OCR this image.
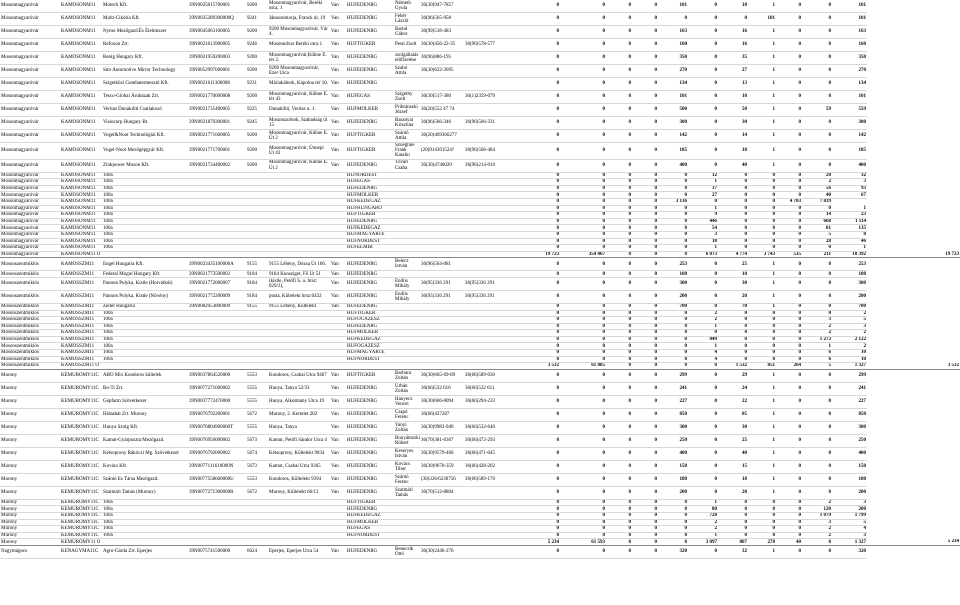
Mosonmagyaróvár	KAMOSONM11	Motech Kft.	39N0025015700001	9200	Mosonmagyaróvár, Beréki utca, 1	Van	HUFEDENRG	Németh Gyula	36(30)947-7857			0	0	0	0	101	0	10	1	0	0	101	
Mosonmagyaróvár	KAMOSONM11	Multi-Cikóría Kft.	39N0035289300000Q	9241	Jánossomorja, Franck út, 19	Van	HUFEDENRG	Fehér László	36(96)565-958			0	0	0	0	0	0	0	101	0	0	101	
Mosonmagyaróvár	KAMOSONM11	Nymo Mezőgazd.És Élelmiszer	39N0045063100005	9200	9200 Mosonmagyaróvár, Vár 4.	Van	HUFEDENRG	Bartal Gábor	36(99)518-483			0	0	0	0	163	0	16	1	0	0	163	
Mosonmagyaróvár	KAMOSONM11	Refoxon Zrt.	39N0021613900005	9246	Mosonudvar Beréki utca 1	Van	HUFTIGKER	Pesti Zsolt	36(30)456-22-35	36(96)578-577		0	0	0	0	160	0	16	1	0	0	160	
Mosonmagyaróvár	KAMOSONM11	Renig Hungary Kft.	39N0021959200003	9200	Mosonmagyaróvár,Kühne E. tér 2.	Van	HUFEDENRG	szolgáltatás előfizetése	36(96)886-195			0	0	0	0	350	0	35	1	0	0	350	
Mosonmagyaróvár	KAMOSONM11	Smr Automotive Mirror Technology	39N0052997600001	9200	9200 Mosonmagyaróvár, Ezer Utca	Van	HUFEDENRG	Szabó Attila	36(30)622-3095			0	0	0	0	270	0	27	1	0	0	270	
Mosonmagyaróvár	KAMOSONM11	Szigetközi Gombatermesztő Kft.	39N0021611300008	9231	Máriakálnok, Kápolna tér 10.	Van	HUFEDENRG					0	0	0	0	134	0	13	1	0	0	134	
Mosonmagyaróvár	KAMOSONM11	Tesco-Global Áruházak Zrt.	39N0021770600008	9200	Mosonmagyaróvár, Kühne E. tér 43	Van	HUFEGAS	Szigethy Zsolt	36(30)517-380	36(1)2359-079		0	0	0	0	101	0	10	1	0	0	101	
Mosonmagyaróvár	KAMOSONM11	Veritas Dunakiliti Csatlakozó	39N0021735400005	9225	Dunakiliti, Veritas u. 1.	Van	HUFMOLKER	Pribránszki József	36(20)552 47 74			0	0	0	0	500	0	50	1	0	59	559	
Mosonmagyaróvár	KAMOSONM11	Visiocorp Hungary Bt.	39N0021870300001	9245	Mosonszolnok, Szabadság út 15	Van	HUFEDENRG	Baranyai Krisztina	36(96)566-346	36(96)566-331		0	0	0	0	300	0	30	1	0	0	300	
Mosonmagyaróvár	KAMOSONM11	Vogel&Noot Technológiai Kft.	39N0021771600005	9200	Mosonmagyaróvár, Kühne E. Út 2	Van	HUFTIGKER	Szántó Attila	36(20)469366277			0	0	0	0	142	0	14	1	0	0	142	
Mosonmagyaróvár	KAMOSONM11	Vogel-Noot Mezőgépgyár Kft.	39N0021771700001	9200	Mosonmagyaróvár, Ünnepi Út 43	Van	HUFTIGKER	Szoeghné Frank Katalin	(20)914361524?	36(96)566-484		0	0	0	0	185	0	18	1	0	0	185	
Mosonmagyaróvár	KAMOSONM11	Zinkpower Moson Kft.	39N0021734400002	9200	Mosonmagyaróvár, Kühne E. Út 2	Van	HUFEDENRG	Tóvári Csaba	36(30)4746020	36(96)214-010		0	0	0	0	400	0	40	1	0	0	400	
Mosonmagyaróvár	KAMOSONM11	100a					HUNORDEST					0	0	0	0	0	12	0	0	0	20	32	
Mosonmagyaróvár	KAMOSONM11	100a					HUFEGAS					0	0	0	0	0	1	0	0	0	2	3	
Mosonmagyaróvár	KAMOSONM11	100a					HUFEDENRG					0	0	0	0	0	37	0	0	0	56	93	
Mosonmagyaróvár	KAMOSONM11	100a					HUFMOLKER					0	0	0	0	0	27	0	0	0	40	67	
Mosonmagyaróvár	KAMOSONM11	100a					HUFKEDEGAZ					0	0	0	0	3 136	0	0	0	4 703	7 839		
Mosonmagyaróvár	KAMOSONM11	100a					HUFHUNGARO					0	0	0	0	0	1	0	0	0	0	1	
Mosonmagyaróvár	KAMOSONM11	100a					HUFTIGKER					0	0	0	0	0	9	0	0	0	14	23	
Mosonmagyaróvár	KAMOSONM11	100a					HUFEDENRG					0	0	0	0	0	446	0	0	0	668	1 114	
Mosonmagyaróvár	KAMOSONM11	100a					HUFKEDEGAZ					0	0	0	0	0	54	0	0	0	81	135	
Mosonmagyaróvár	KAMOSONM11	100a					HUFMAGYARTE					0	0	0	0	0	3	0	0	0	5	8	
Mosonmagyaróvár	KAMOSONM11	100a					HUFNORDEST					0	0	0	0	0	18	0	0	0	28	46	
Mosonmagyaróvár	KAMOSONM11	100a					HUFELMIB					0	0	0	0	0	1	0	0	0	0	1	
Mosonmagyaróvár	KAMOSONM11 Ö											19 723	354 067	0	0	0	6 073	4 774	3 743	535	211	10 392	19 723
Mosonszentmiklós	KAMOSSZM11	Engel Hungaria Kft.	39N0023435100000A	9155	9155 Lébény, Dózsa Út 106.	Van	HUFEDENRG	Belecz István	36(96)564-081			0	0	0	0	253	0	25	1	0	0	253	
Mosonszentmiklós	KAMOSSZM11	Federal Mogul Hungary Kft.	39N0021773500002	9184	9184 Kunsziget, Fő Út 51	Van	HUFEDENRG					0	0	0	0	108	0	10	1	0	0	108	
Mosonszentmiklós	KAMOSSZM11	Pannon Pulyka, Kistle (Horvátkút)	39N0021772000007	9184	(kistle, Petőfi S. u. hrsz: 029/3),	Van	HUFEDENRG	Endiis Mihály	36(95)336 291	36(95)336 291		0	0	0	0	300	0	30	1	0	0	300	
Mosonszentmiklós	KAMOSSZM11	Pannon Pulyka, Kistle (Növény)	39N0021772200009	9184	pusta, Kültelekt hrsz:0432	Van	HUFEDENRG	Endiis Mihály	36(95)336 291	36(95)336 291		0	0	0	0	200	0	20	1	0	0	200	
Mosonszentmiklós	KAMOSSZM11	Zeller Hungária	39N0082953800009	9155	9155 Lébény, Kültelekt	Van	HUFEDENRG					0	0	0	0	700	0	70	1	0	0	700	
Mosonszentmiklós	KAMOSSZM11	100a					HUFTIGKER					0	0	0	0	0	2	0	0	0	0	2	
Mosonszentmiklós	KAMOSSZM11	100a					HUFOGAZESZ					0	0	0	0	0	2	0	0	0	3	5	
Mosonszentmiklós	KAMOSSZM11	100a					HUFEDENRG					0	0	0	0	0	1	0	0	0	2	3	
Mosonszentmiklós	KAMOSSZM11	100a					HUFMOLKER					0	0	0	0	0	0	0	0	0	2	2	
Mosonszentmiklós	KAMOSSZM11	100a					HUFKEDEGAZ					0	0	0	0	0	849	0	0	0	1 273	2 122	
Mosonszentmiklós	KAMOSSZM11	100a					HUFOGAZESZ					0	0	0	0	0	1	0	0	0	1	2	
Mosonszentmiklós	KAMOSSZM11	100a					HUFMAGYARTE					0	0	0	0	0	4	0	0	0	6	10	
Mosonszentmiklós	KAMOSSZM11	100a					HUFNORDEST					0	0	0	0	0	4	0	0	0	6	10	
Mosonszentmiklós	KAMOSSZM11 Ö											3 532	61 885	0	0	0	0	1 532	851	264	5	1 327	3 532
Murony	KEMUROMY11C	ABO Mix Kondoros kültelek	39N0037864520000	5553	Kondoros, Csabai Utca 9467	Van	HUFTIGKER	Barbura Zoltán	36(30)665-69-89	36(66)589-030		0	0	0	0	299	0	29	1	0	0	299	
Murony	KEMUROMY11C	Bo-Ti Zrt.	39N0077271600002	5555	Hunya, Tanya 52/33	Van	HUFEDENRG	Urbán Zoltán	36(66)532 610	36(66)532 611		0	0	0	0	241	0	24	1	0	0	241	
Murony	KEMUROMY11C	Gépfarm Szövetkezet	39N0037772470000	5555	Hunya, Alkotmány Utca 19	Van	HUFEDENRG	Hanyecz Vencel	36(30)606-8094	36(66)294-233		0	0	0	0	227	0	22	1	0	0	227	
Murony	KEMUROMY11C	Hidashát Zrt. Murony	39N0076792200001	5672	Murony, 2. Kertelet 202	Van	HUFEDENRG	Csapó Ferenc	36(66)427287			0	0	0	0	850	0	85	1	0	0	850	
Murony	KEMUROMY11C	Hunya Szolg Kft.	39N0076804900000T	5555	Hunya, Tanya	Van	HUFEDENRG	Vanyi Zoltán	36(30)9983-940	36(66)532-640		0	0	0	0	300	0	30	1	0	0	300	
Murony	KEMUROMY11C	Kamut-Gyárpuszta Mezőgazd.	39N0076956000002	5673	Kamut, Petőfi Sándor Utca 4	Van	HUFEDENRG	Bonyámszki Róbert	36(70)381-6367	36(66)472-293		0	0	0	0	250	0	25	1	0	0	250	
Murony	KEMUROMY11C	Kétsoprony Rákóczi Mg. Szövetkezet	39N0076792000002	5674	Kétsoprony, Kültelekt 9034	Van	HUFEDENRG	Keseryes István	36(30)9579-460	36(66)471-045		0	0	0	0	400	0	40	1	0	0	400	
Murony	KEMUROMY11C	Kovács Kft.	39N0077111610000N	5673	Kamut, Csabai Utca 9365	Van	HUFEDENRG	Kovács Tibor	36(30)9670-359	36(66)428-202		0	0	0	0	150	0	15	1	0	0	150	
Murony	KEMUROMY11C	Szántó Es Társa Mezőgazd.	39N0077558600000U	5553	Kondoros, Kültelekt 9394	Van	HUFEDENRG	Szántó Ferenc	(30)336/6230756	36(66)589-170		0	0	0	0	180	0	18	1	0	0	180	
Murony	KEMUROMY11C	Szatmári Tamás (Murony)	39N0077271300000R	5672	Murony, Kültelekt 66/13	Van	HUFEDENRG	Szatmári Tamás	36(70)512-8804			0	0	0	0	200	0	20	1	0	0	200	
Murony	KEMUROMY11C	100a					HUFTIGKER					0	0	0	0	0	1	0	0	0	2	3	
Murony	KEMUROMY11C	100a					HUFEDENRG					0	0	0	0	0	80	0	0	0	120	200	
Murony	KEMUROMY11C	100a					HUFKEDEGAZ					0	0	0	0	0	720	0	0	0	1 079	1 799	
Murony	KEMUROMY11C	100a					HUFMOLKER					0	0	0	0	0	2	0	0	0	3	5	
Murony	KEMUROMY11C	100a					HUFEGAS					0	0	0	0	0	2	0	0	0	2	4	
Murony	KEMUROMY11C	100a					HUFNORDEST					0	0	0	0	0	1	0	0	0	2	3	
Murony	KEMUROMY11 Ö											5 234	61 593	0	0	0	3 097	807	278	40	0	1 327	5 234
Nagymágocs	KENAGYMA11C	Agro-Gárda Zrt. Eperjes	39N0075741500000	6624	Eperjes, Eperjes Utca 54	Van	HUFEDENRG	Benecsik Ottó	36(30)2446-270			0	0	0	0	320	0	32	1	0	0	320	
